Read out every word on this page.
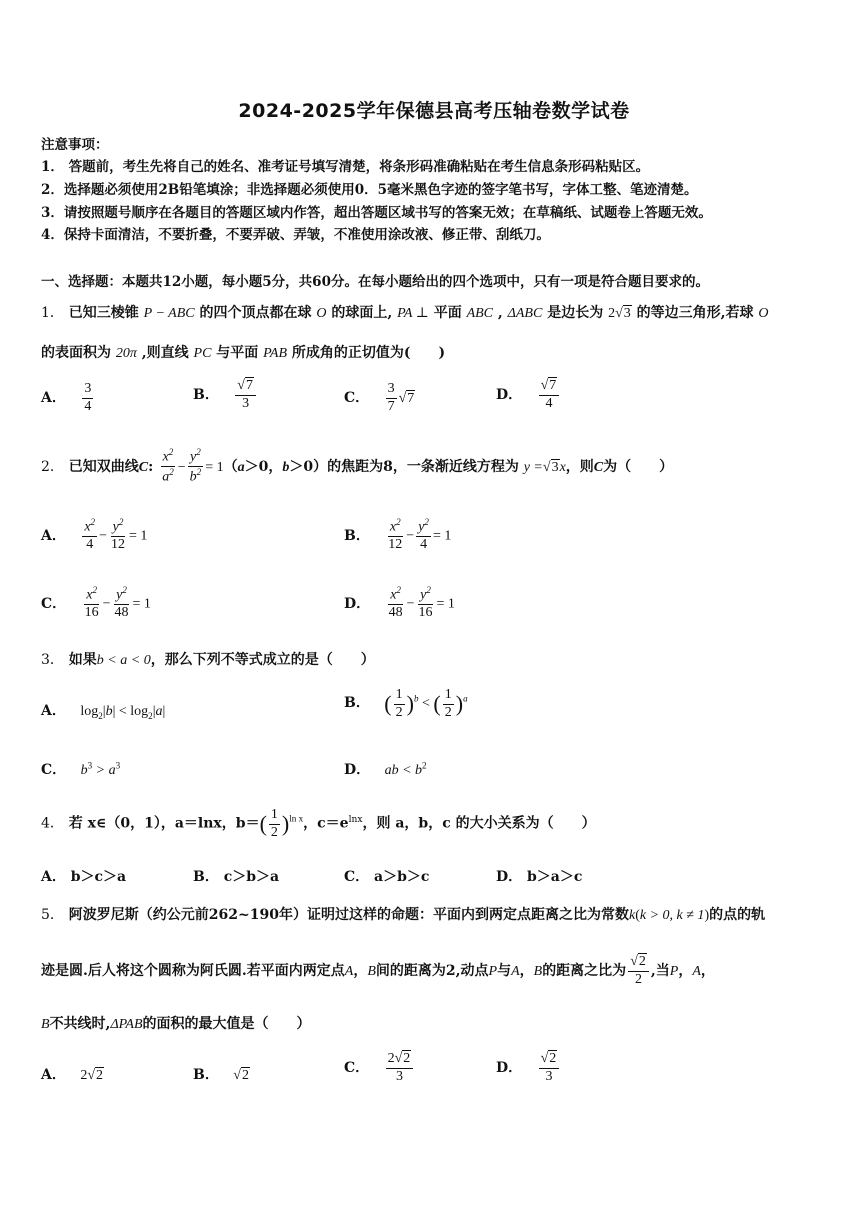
2024-2025学年保德县高考压轴卷数学试卷
注意事项：
1． 答题前，考生先将自己的姓名、准考证号填写清楚，将条形码准确粘贴在考生信息条形码粘贴区。
2．选择题必须使用2B铅笔填涂；非选择题必须使用0．5毫米黑色字迹的签字笔书写，字体工整、笔迹清楚。
3．请按照题号顺序在各题目的答题区域内作答，超出答题区域书写的答案无效；在草稿纸、试题卷上答题无效。
4．保持卡面清洁，不要折叠，不要弄破、弄皱，不准使用涂改液、修正带、刮纸刀。
一、选择题：本题共12小题，每小题5分，共60分。在每小题给出的四个选项中，只有一项是符合题目要求的。
1． 已知三棱锥 P − ABC 的四个顶点都在球 O 的球面上, PA ⊥ 平面 ABC , ΔABC 是边长为 2√3 的等边三角形,若球 O
的表面积为 20π ,则直线 PC 与平面 PAB 所成角的正切值为(　　)
A． $\frac{3}{4}$	B． $\frac{√7}{3}$	C． $\frac{3}{7} √7$	D． $\frac{√7}{4}$
2． 已知双曲线C: $\frac{x^2}{a^2} - \frac{y^2}{b^2} = 1(a>0$，b＞0）的焦距为8，一条渐近线方程为 y =√3x，则C为（　　）
A． $\frac{x^2}{4} - \frac{y^2}{12} = 1$	B． $\frac{x^2}{12} - \frac{y^2}{4} = 1$
C． $\frac{x^2}{16} - \frac{y^2}{48} = 1$	D． $\frac{x^2}{48} - \frac{y^2}{16} = 1$
3． 如果b < a < 0，那么下列不等式成立的是（　　）
A． $\log_2|b| < \log_2|a|$
B． ( $\frac{1}{2} )^b$ < ( $\frac{1}{2} )^a$
C． $b^3 > a^3$	D． ab < $b^2$
4． 若 x∈（0，1），a＝lnx，$b=( \frac{1}{2} )^{ln x}$，$c=e^{lnx}$，则 a，b，c 的大小关系为（　　）
A． b＞c＞a	B． c＞b＞a	C． a＞b＞c	D． b＞a＞c
5． 阿波罗尼斯（约公元前262~190年）证明过这样的命题：平面内到两定点距离之比为常数k(k > 0, k ≠ 1)的点的轨
迹是圆.后人将这个圆称为阿氏圆.若平面内两定点A，B间的距离为2,动点P与A，B的距离之比为 $\frac{√2}{2}$ ,当P，A，
B不共线时,ΔPAB的面积的最大值是（　　）
A． 2√2	B． √2	C． $\frac{2√2}{3}$	D． $\frac{√2}{3}$
